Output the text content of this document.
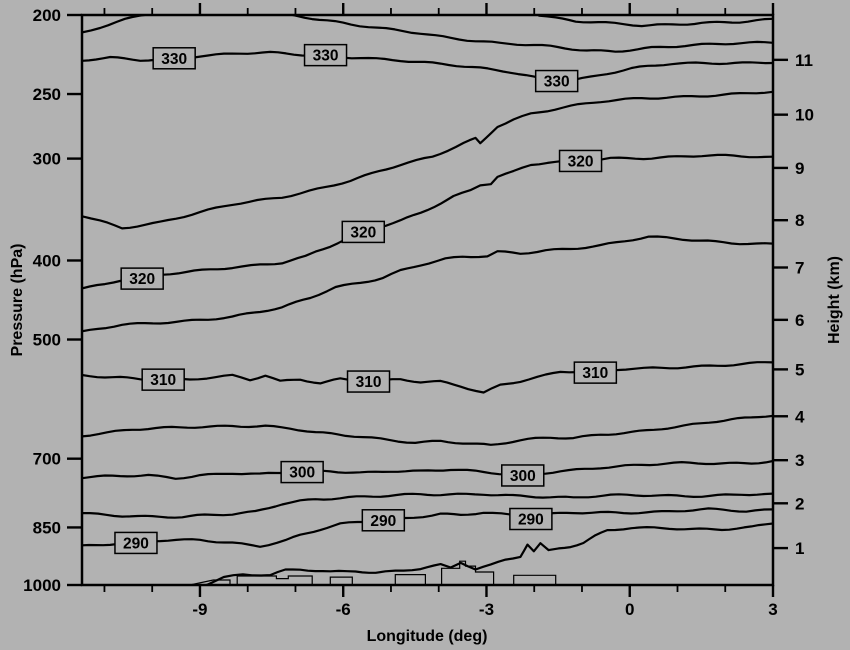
-9	-6	-3	0	3
200
250
300
400
500
700
850
1000
1
2
3
4
5
6
7
8
9
10
11
330	330
330
320
320
320
310	310
310
300	300
290
290	290
Longitude (deg)
Pressure (hPa)	Height (km)
